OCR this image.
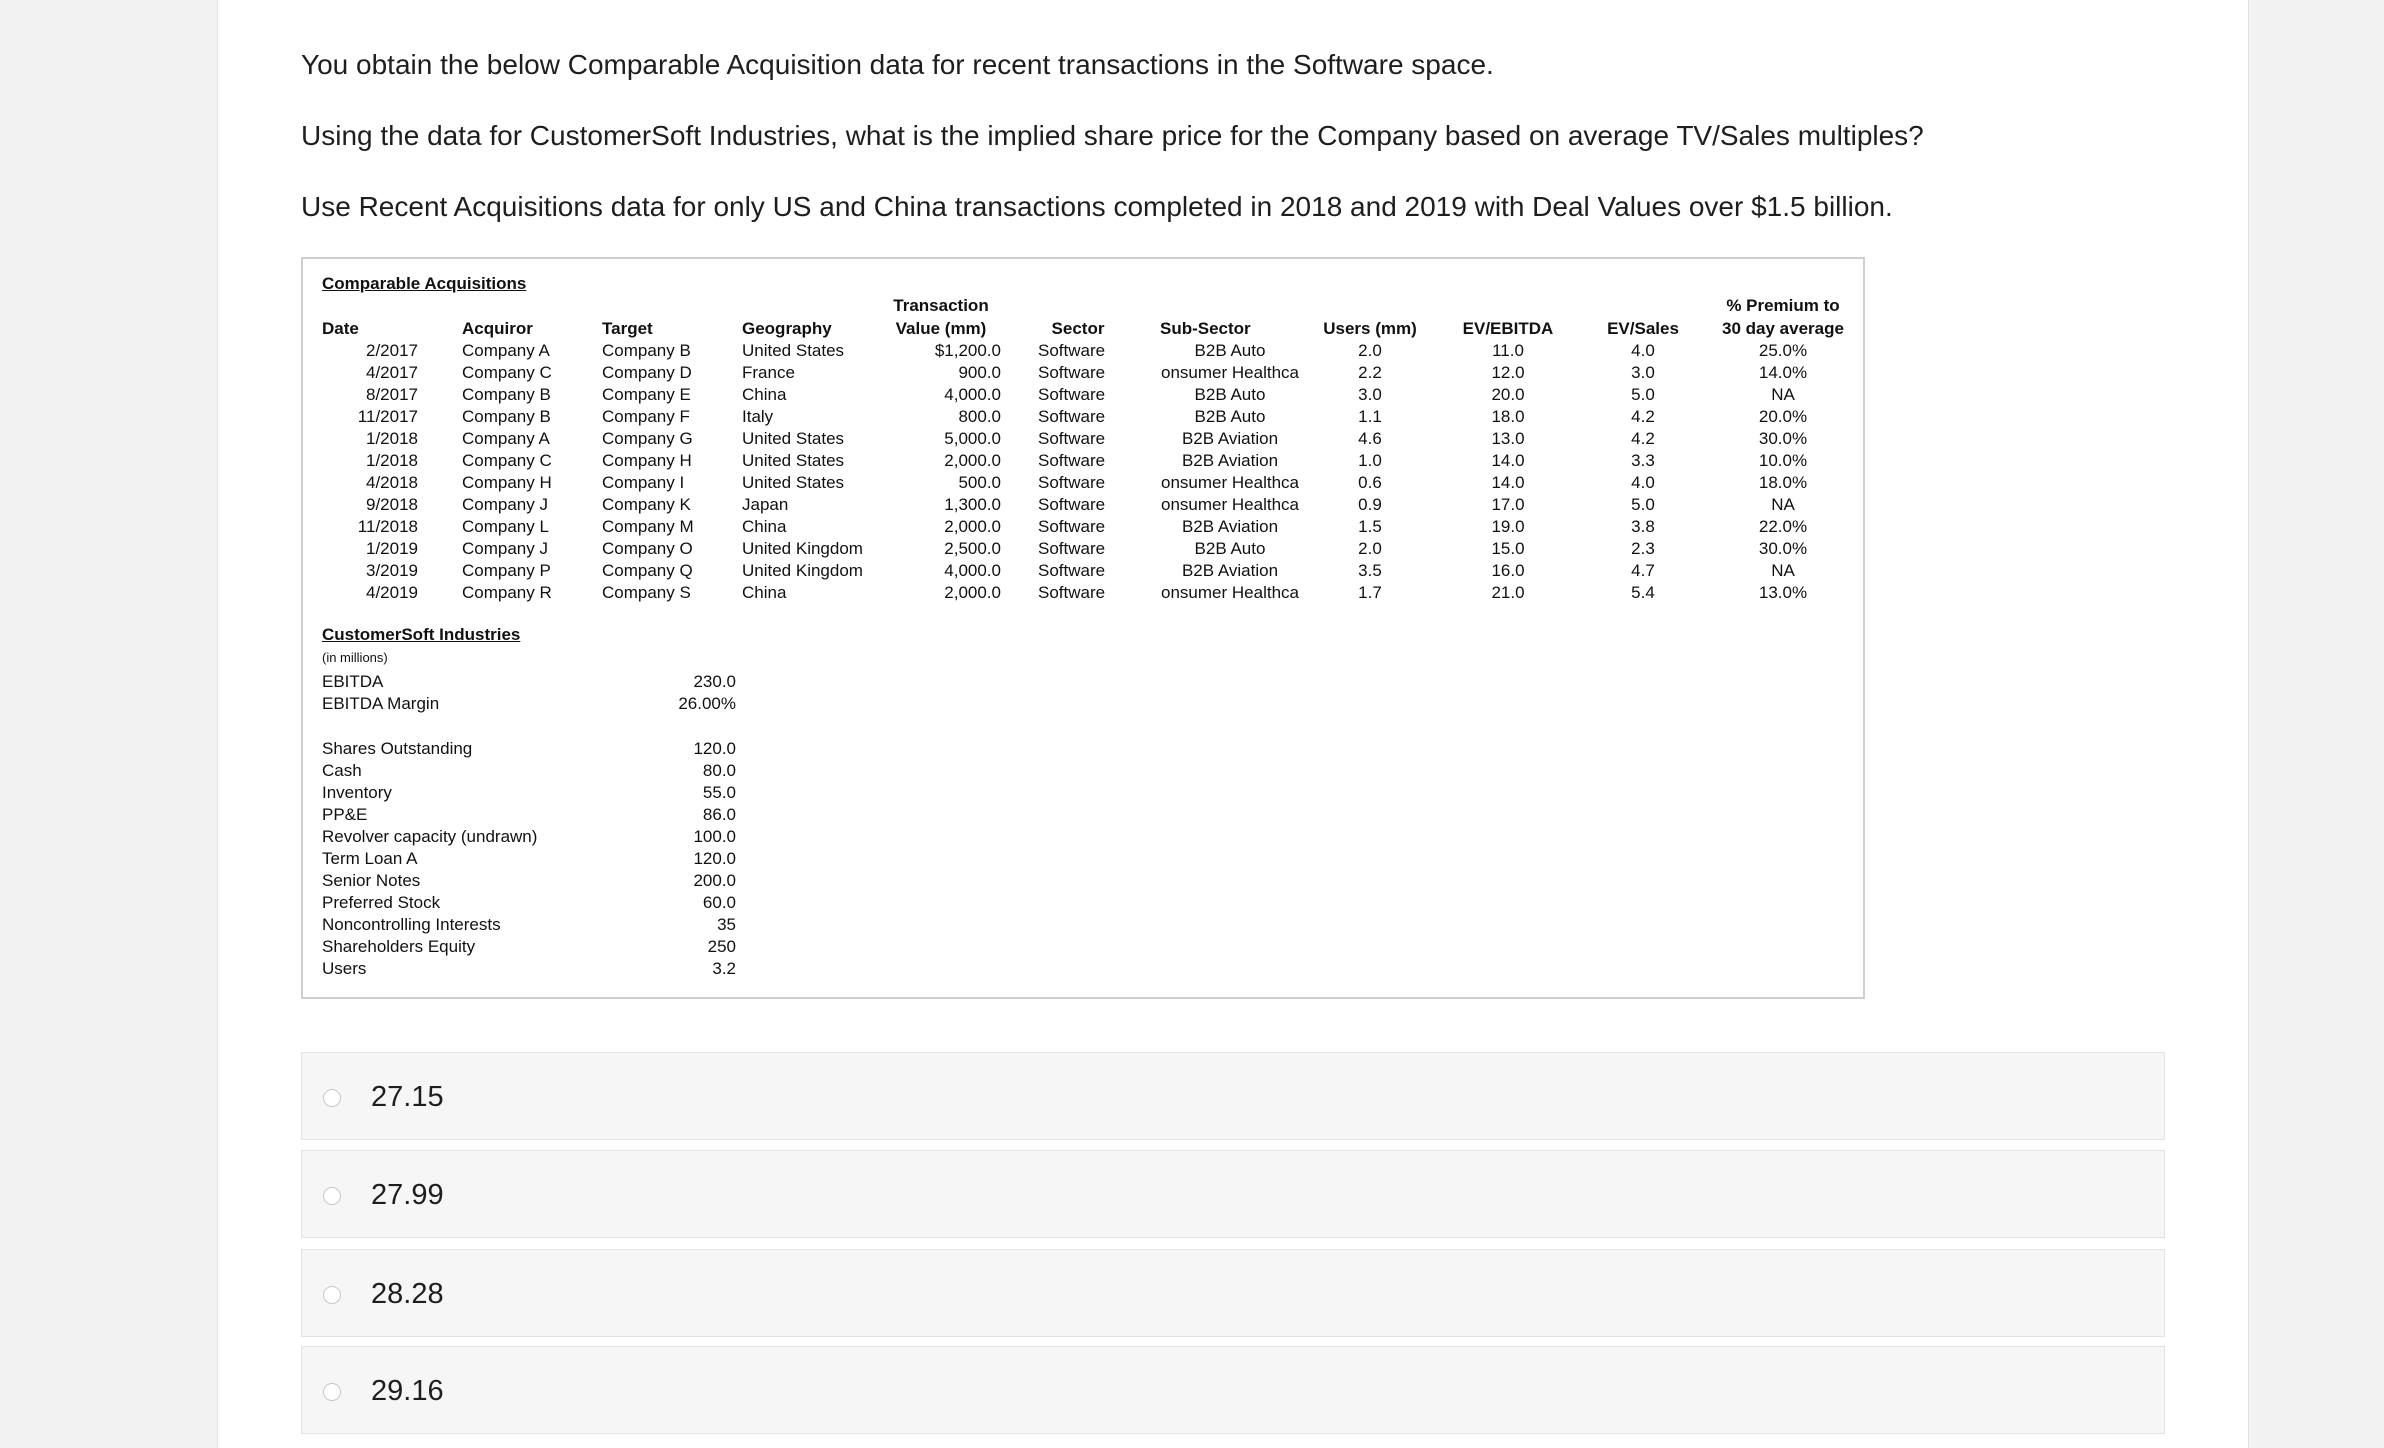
You obtain the below Comparable Acquisition data for recent transactions in the Software space.
Using the data for CustomerSoft Industries, what is the implied share price for the Company based on average TV/Sales multiples?
Use Recent Acquisitions data for only US and China transactions completed in 2018 and 2019 with Deal Values over $1.5 billion.
Comparable Acquisitions
Date	Acquiror	Target	Geography
Transaction
Value (mm)	Sector	Sub-Sector	Users (mm)	EV/EBITDA	EV/Sales
% Premium to
30 day average
2/2017	Company A	Company B	United States	$1,200.0 Software	B2B Auto	2.0	11.0	4.0	25.0%
4/2017	Company C	Company D	France	900.0 Software	onsumer Healthca	2.2	12.0	3.0	14.0%
8/2017	Company B	Company E	China	4,000.0 Software	B2B Auto	3.0	20.0	5.0	NA
11/2017	Company B	Company F	Italy	800.0 Software	B2B Auto	1.1	18.0	4.2	20.0%
1/2018	Company A	Company G	United States	5,000.0 Software	B2B Aviation	4.6	13.0	4.2	30.0%
1/2018	Company C	Company H	United States	2,000.0 Software	B2B Aviation	1.0	14.0	3.3	10.0%
4/2018	Company H	Company I	United States	500.0 Software	onsumer Healthca	0.6	14.0	4.0	18.0%
9/2018	Company J	Company K	Japan	1,300.0 Software	onsumer Healthca	0.9	17.0	5.0	NA
11/2018	Company L	Company M	China	2,000.0 Software	B2B Aviation	1.5	19.0	3.8	22.0%
1/2019	Company J	Company O	United Kingdom	2,500.0 Software	B2B Auto	2.0	15.0	2.3	30.0%
3/2019	Company P	Company Q	United Kingdom	4,000.0 Software	B2B Aviation	3.5	16.0	4.7	NA
4/2019	Company R	Company S	China	2,000.0 Software	onsumer Healthca	1.7	21.0	5.4	13.0%
CustomerSoft Industries
(in millions)
EBITDA	230.0
EBITDA Margin	26.00%
Shares Outstanding	120.0
Cash	80.0
Inventory	55.0
PP&E	86.0
Revolver capacity (undrawn)	100.0
Term Loan A	120.0
Senior Notes	200.0
Preferred Stock	60.0
Noncontrolling Interests	35
Shareholders Equity	250
Users	3.2
27.15
27.99
28.28
29.16
